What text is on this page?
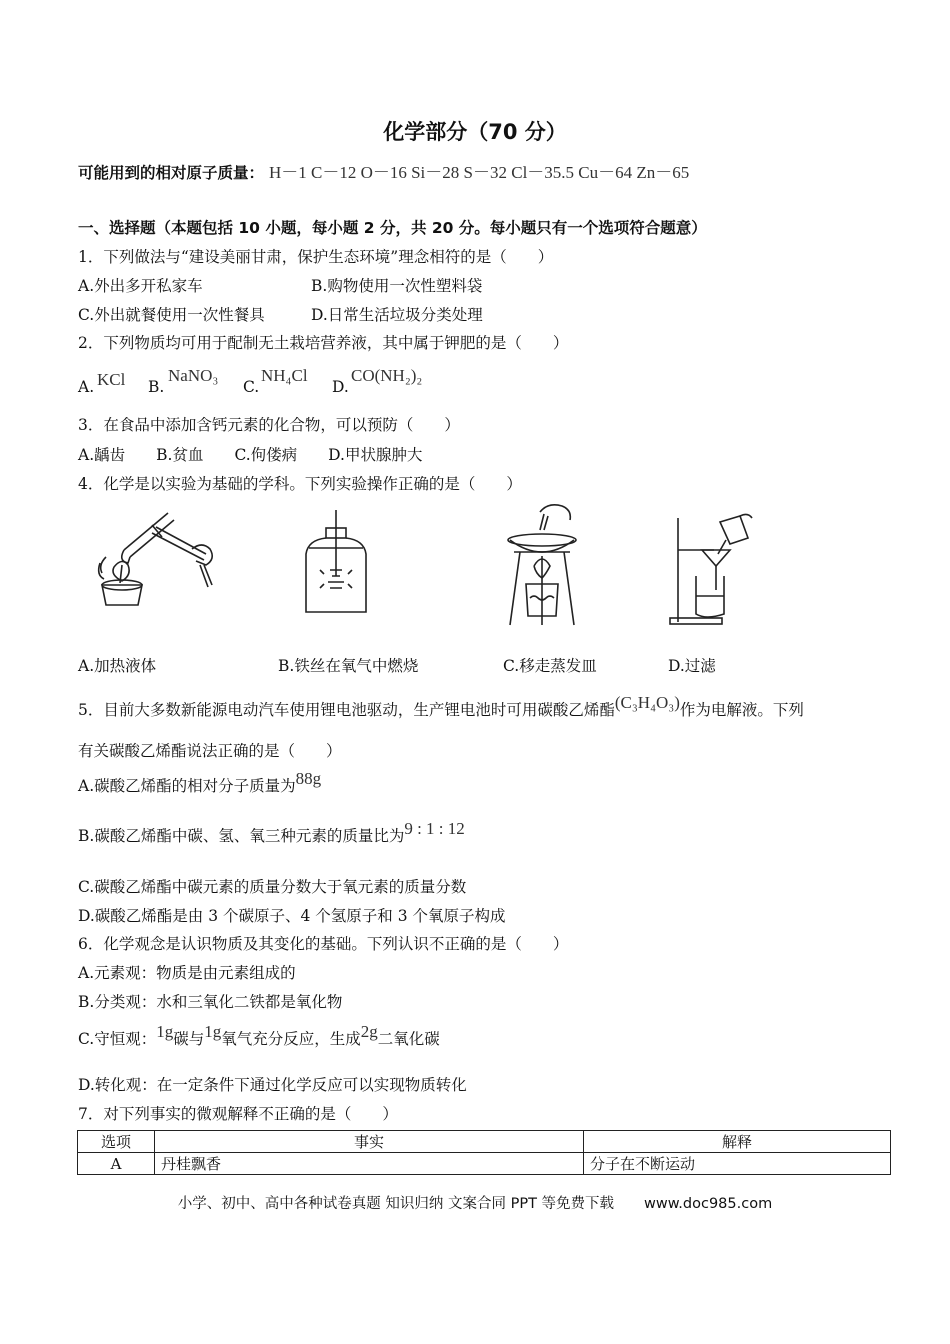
化学部分（70 分）
可能用到的相对原子质量： H－1 C－12 O－16 Si－28 S－32 Cl－35.5 Cu－64 Zn－65
一、选择题（本题包括 10 小题，每小题 2 分，共 20 分。每小题只有一个选项符合题意）
1．下列做法与“建设美丽甘肃，保护生态环境”理念相符的是（　　）
A.外出多开私家车	B.购物使用一次性塑料袋
C.外出就餐使用一次性餐具	D.日常生活垃圾分类处理
2．下列物质均可用于配制无土栽培营养液，其中属于钾肥的是（　　）
A. KCl B.
NaNO₃
C.
NH₄Cl
D.
CO(NH₂)₂
3．在食品中添加含钙元素的化合物，可以预防（　　）
A.龋齿　　B.贫血　　C.佝偻病　　D.甲状腺肿大
4．化学是以实验为基础的学科。下列实验操作正确的是（　　）
A.加热液体	B.铁丝在氧气中燃烧	C.移走蒸发皿	D.过滤
5．目前大多数新能源电动汽车使用锂电池驱动，生产锂电池时可用碳酸乙烯酯(C₃H₄O₃)作为电解液。下列
有关碳酸乙烯酯说法正确的是（　　）
A.碳酸乙烯酯的相对分子质量为88g
B.碳酸乙烯酯中碳、氢、氧三种元素的质量比为9 : 1 : 12
C.碳酸乙烯酯中碳元素的质量分数大于氧元素的质量分数
D.碳酸乙烯酯是由 3 个碳原子、4 个氢原子和 3 个氧原子构成
6．化学观念是认识物质及其变化的基础。下列认识不正确的是（　　）
A.元素观：物质是由元素组成的
B.分类观：水和三氧化二铁都是氧化物
C.守恒观：1g碳与1g氧气充分反应，生成2g二氧化碳
D.转化观：在一定条件下通过化学反应可以实现物质转化
7．对下列事实的微观解释不正确的是（　　）
选项	事实	解释
A	丹桂飘香	分子在不断运动
小学、初中、高中各种试卷真题 知识归纳 文案合同 PPT 等免费下载 www.doc985.com
